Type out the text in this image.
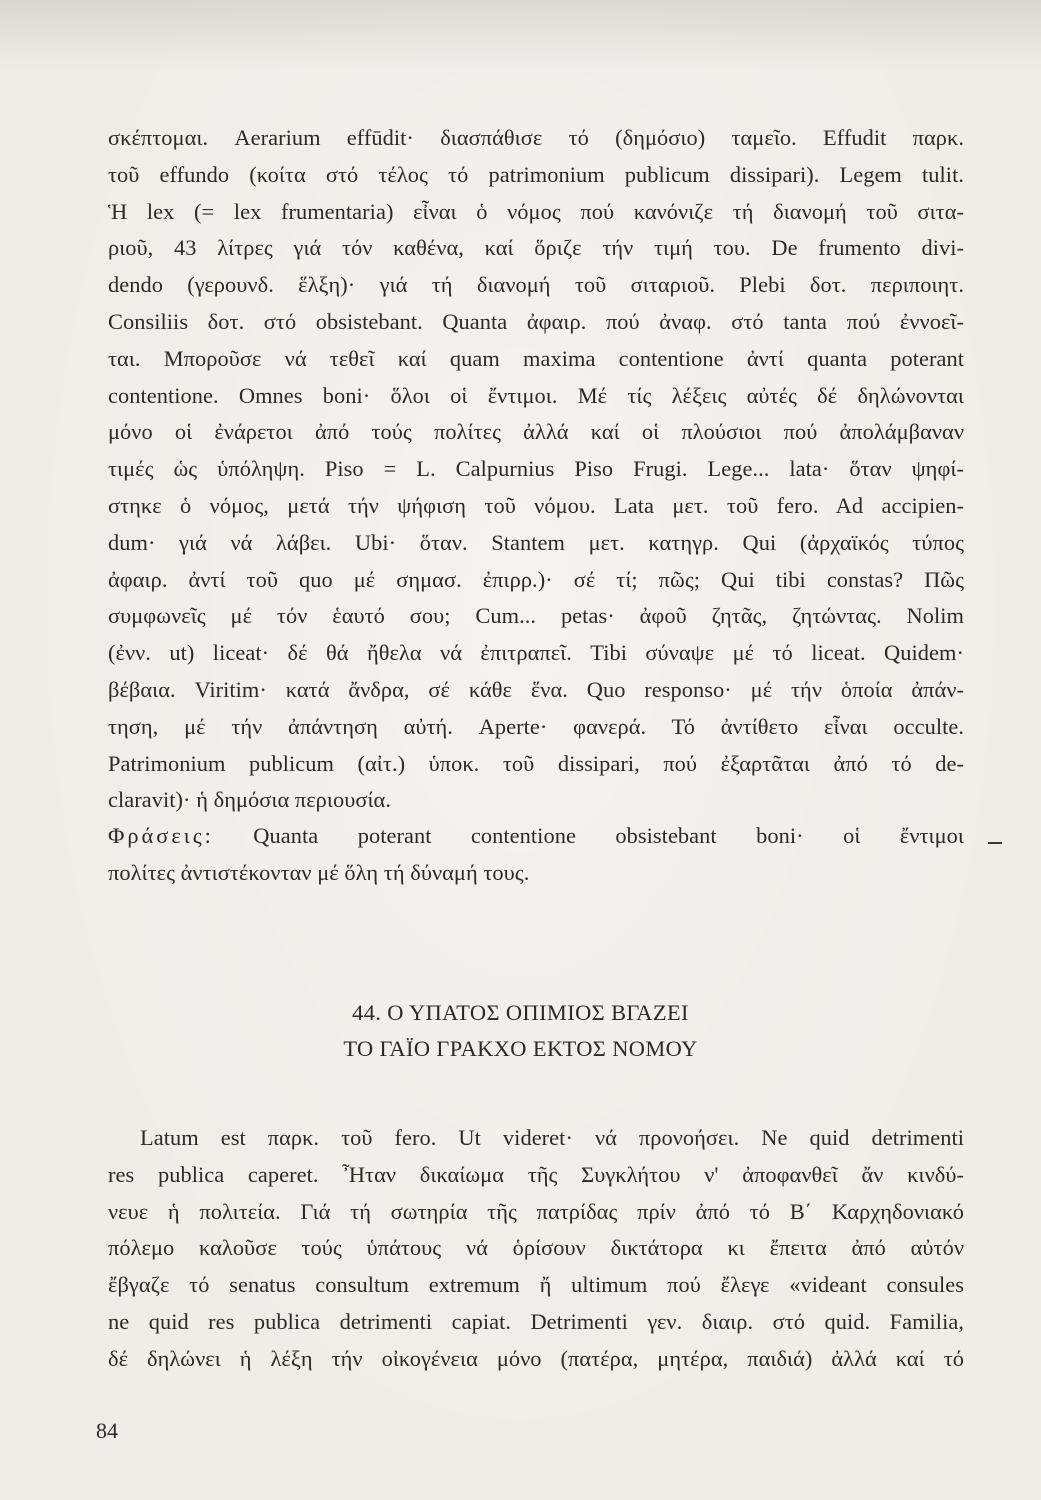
σκέπτομαι. Aerarium effūdit· διασπάθισε τό (δημόσιο) ταμεῖο. Effudit παρκ.
τοῦ effundo (κοίτα στό τέλος τό patrimonium publicum dissipari). Legem tulit.
Ἡ lex (= lex frumentaria) εἶναι ὁ νόμος πού κανόνιζε τή διανομή τοῦ σιτα-
ριοῦ, 43 λίτρες γιά τόν καθένα, καί ὅριζε τήν τιμή του. De frumento divi-
dendo (γερουνδ. ἕλξη)· γιά τή διανομή τοῦ σιταριοῦ. Plebi δοτ. περιποιητ.
Consiliis δοτ. στό obsistebant. Quanta ἀφαιρ. πού ἀναφ. στό tanta πού ἐννοεῖ-
ται. Μποροῦσε νά τεθεῖ καί quam maxima contentione ἀντί quanta poterant
contentione. Omnes boni· ὅλοι οἱ ἔντιμοι. Μέ τίς λέξεις αὐτές δέ δηλώνονται
μόνο οἱ ἐνάρετοι ἀπό τούς πολίτες ἀλλά καί οἱ πλούσιοι πού ἀπολάμβαναν
τιμές ὡς ὑπόληψη. Piso = L. Calpurnius Piso Frugi. Lege... lata· ὅταν ψηφί-
στηκε ὁ νόμος, μετά τήν ψήφιση τοῦ νόμου. Lata μετ. τοῦ fero. Ad accipien-
dum· γιά νά λάβει. Ubi· ὅταν. Stantem μετ. κατηγρ. Qui (ἀρχαϊκός τύπος
ἀφαιρ. ἀντί τοῦ quo μέ σημασ. ἐπιρρ.)· σέ τί; πῶς; Qui tibi constas? Πῶς
συμφωνεῖς μέ τόν ἑαυτό σου; Cum... petas· ἀφοῦ ζητᾶς, ζητώντας. Nolim
(ἐνν. ut) liceat· δέ θά ἤθελα νά ἐπιτραπεῖ. Tibi σύναψε μέ τό liceat. Quidem·
βέβαια. Viritim· κατά ἄνδρα, σέ κάθε ἕνα. Quo responso· μέ τήν ὁποία ἀπάν-
τηση, μέ τήν ἀπάντηση αὐτή. Aperte· φανερά. Τό ἀντίθετο εἶναι occulte.
Patrimonium publicum (αἰτ.) ὑποκ. τοῦ dissipari, πού ἐξαρτᾶται ἀπό τό de-
claravit)· ἡ δημόσια περιουσία.
Φράσεις: Quanta poterant contentione obsistebant boni· οἱ ἔντιμοι
πολίτες ἀντιστέκονταν μέ ὅλη τή δύναμή τους.
44. Ο ΥΠΑΤΟΣ ΟΠΙΜΙΟΣ ΒΓΑΖΕΙ
ΤΟ ΓΑΪΟ ΓΡΑΚΧΟ ΕΚΤΟΣ ΝΟΜΟΥ
Latum est παρκ. τοῦ fero. Ut videret· νά προνοήσει. Ne quid detrimenti
res publica caperet. Ἦταν δικαίωμα τῆς Συγκλήτου ν' ἀποφανθεῖ ἄν κινδύ-
νευε ἡ πολιτεία. Γιά τή σωτηρία τῆς πατρίδας πρίν ἀπό τό Β΄ Καρχηδονιακό
πόλεμο καλοῦσε τούς ὑπάτους νά ὁρίσουν δικτάτορα κι ἔπειτα ἀπό αὐτόν
ἔβγαζε τό senatus consultum extremum ἤ ultimum πού ἔλεγε «videant consules
ne quid res publica detrimenti capiat. Detrimenti γεν. διαιρ. στό quid. Familia,
δέ δηλώνει ἡ λέξη τήν οἰκογένεια μόνο (πατέρα, μητέρα, παιδιά) ἀλλά καί τό
84
